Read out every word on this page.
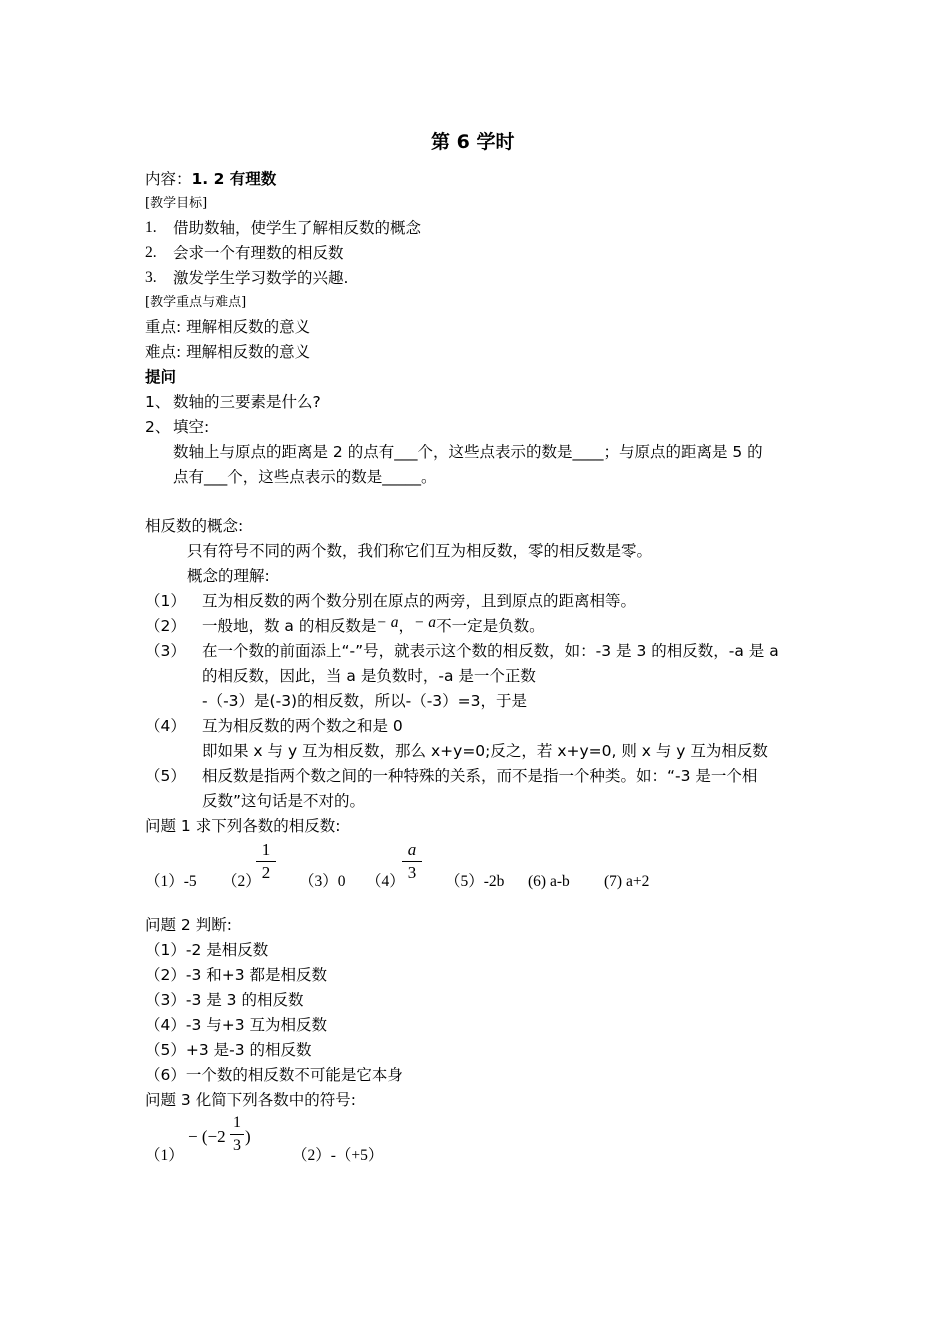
第 6 学时
内容：1. 2 有理数
[教学目标]
1. 借助数轴，使学生了解相反数的概念
2. 会求一个有理数的相反数
3. 激发学生学习数学的兴趣.
[教学重点与难点]
重点: 理解相反数的意义
难点: 理解相反数的意义
提问
1、 数轴的三要素是什么?
2、 填空:
数轴上与原点的距离是 2 的点有___个，这些点表示的数是____；与原点的距离是 5 的
点有___个，这些点表示的数是_____。
相反数的概念:
只有符号不同的两个数，我们称它们互为相反数，零的相反数是零。
概念的理解:
（1） 互为相反数的两个数分别在原点的两旁，且到原点的距离相等。
（2） 一般地，数 a 的相反数是− a，− a不一定是负数。
（3） 在一个数的前面添上“-”号，就表示这个数的相反数，如：-3 是 3 的相反数，-a 是 a
的相反数，因此，当 a 是负数时，-a 是一个正数
-（-3）是(-3)的相反数，所以-（-3）=3，于是
（4） 互为相反数的两个数之和是 0
即如果 x 与 y 互为相反数，那么 x+y=0;反之，若 x+y=0, 则 x 与 y 互为相反数
（5） 相反数是指两个数之间的一种特殊的关系，而不是指一个种类。如：“-3 是一个相
反数”这句话是不对的。
问题 1 求下列各数的相反数:
（1）-5 （2）
1
2	（3）0 （4）
a
3	（5）-2b (6) a-b (7) a+2
问题 2 判断:
（1）-2 是相反数
（2）-3 和+3 都是相反数
（3）-3 是 3 的相反数
（4）-3 与+3 互为相反数
（5）+3 是-3 的相反数
（6）一个数的相反数不可能是它本身
问题 3 化简下列各数中的符号:
（1）
− (−2
1
3 )
（2）-（+5）
